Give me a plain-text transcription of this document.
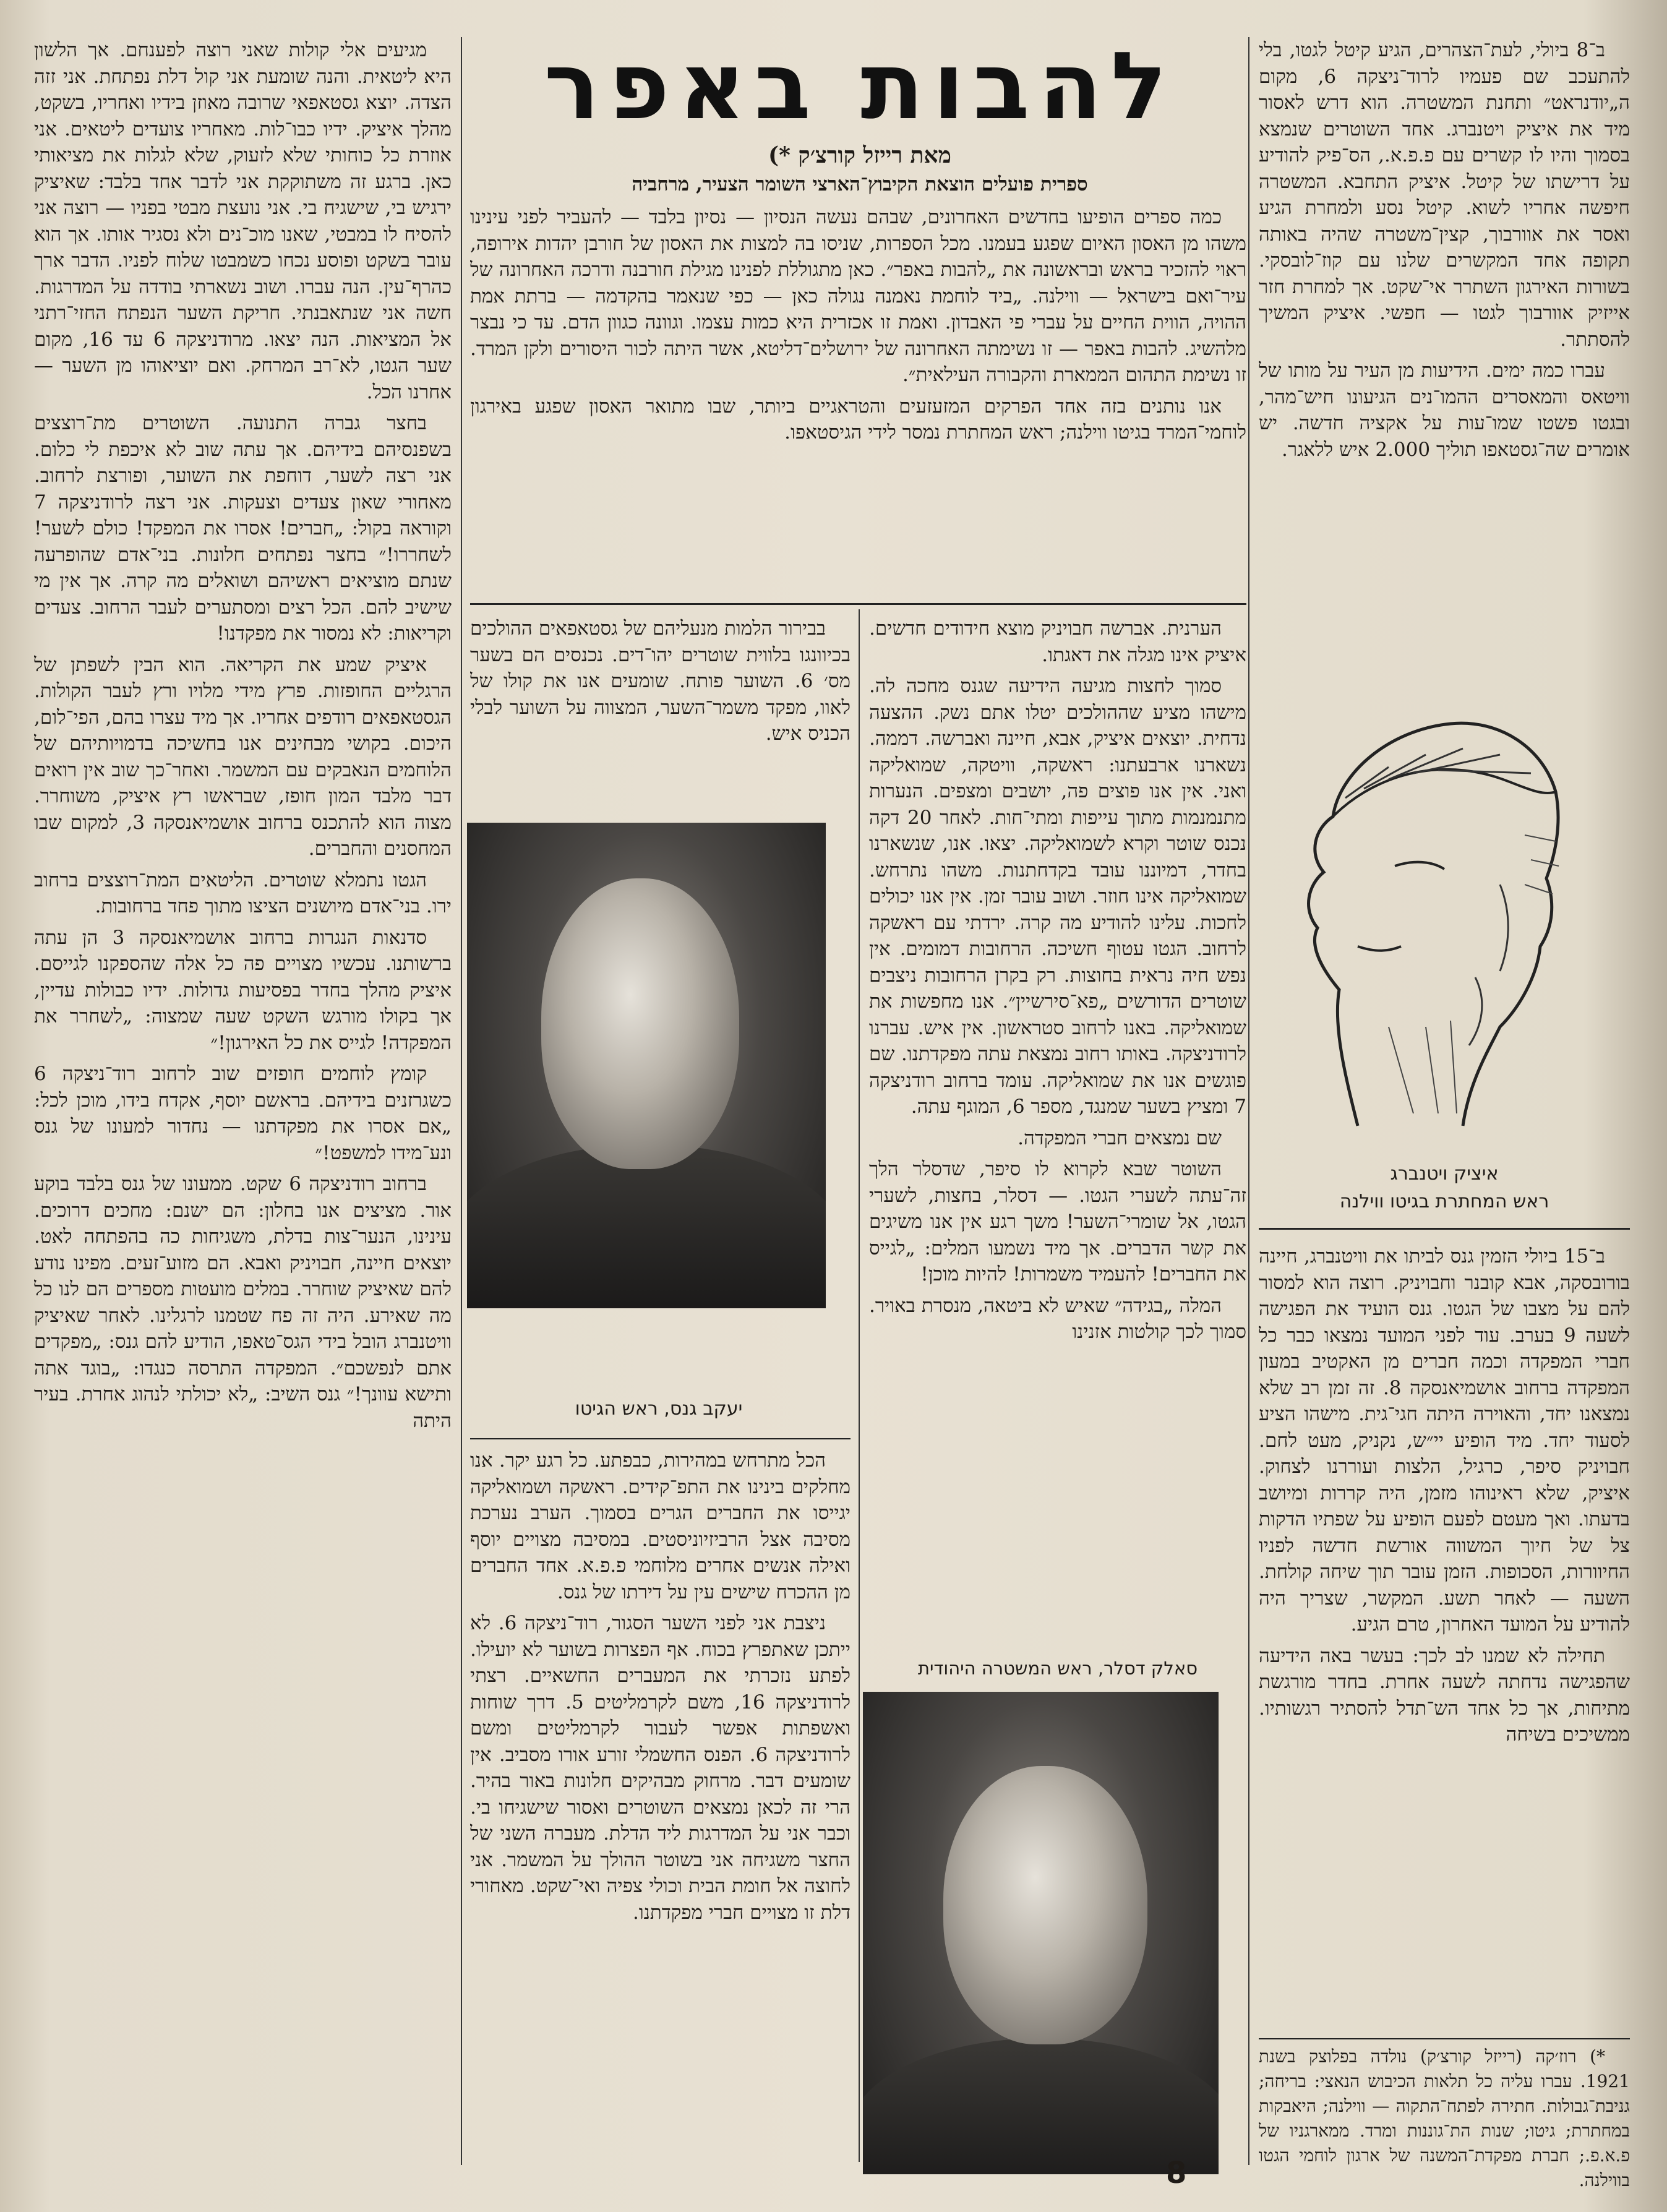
להבות באפר
מאת רייזל קורצ׳ק *)
ספרית פועלים הוצאת הקיבוץ־הארצי השומר הצעיר, מרחביה

כמה ספרים הופיעו בחדשים האחרונים, שבהם נעשה הנסיון — נסיון בלבד — להעביר לפני עינינו משהו מן האסון האיום שפגע בעמנו. מכל הספרות, שניסו בה למצות את האסון של חורבן יהדות אירופה, ראוי להזכיר בראש ובראשונה את „להבות באפר״. כאן מתגוללת לפנינו מגילת חורבנה ודרכה האחרונה של עיר־ואם בישראל — ווילנה. „ביד לוחמת נאמנה נגולה כאן — כפי שנאמר בהקדמה — ברתת אמת ההויה, הווית החיים על עברי פי האבדון. ואמת זו אכזרית היא כמות עצמו. וגוונה כגוון הדם. עד כי נבצר מלהשיג. להבות באפר — זו נשימתה האחרונה של ירושלים־דליטא, אשר היתה לכור היסורים ולקן המרד. זו נשימת התהום הממארת והקבורה העילאית״.

אנו נותנים בזה אחד הפרקים המזעזעים והטראגיים ביותר, שבו מתואר האסון שפגע באירגון לוחמי־המרד בגיטו ווילנה; ראש המחתרת נמסר לידי הגיסטאפו.

ב־8 ביולי, לעת־הצהרים, הגיע קיטל לגטו, בלי להתעכב שם פעמיו לרוד־ניצקה 6, מקום ה„יודנראט״ ותחנת המשטרה. הוא דרש לאסור מיד את איציק ויטנברג. אחד השוטרים שנמצא בסמוך והיו לו קשרים עם פ.פ.א., הס־פיק להודיע על דרישתו של קיטל. איציק התחבא. המשטרה חיפשה אחריו לשוא. קיטל נסע ולמחרת הגיע ואסר את אוורבוך, קצין־משטרה שהיה באותה תקופה אחד המקשרים שלנו עם קוז־לובסקי. בשורות האירגון השתרר אי־שקט. אך למחרת חזר אייזיק אוורבוך לגטו — חפשי. איציק המשיך להסתתר.

עברו כמה ימים. הידיעות מן העיר על מותו של וויטאס והמאסרים ההמו־נים הגיעונו חיש־מהר, ובגטו פשטו שמו־עות על אקציה חדשה. יש אומרים שה־גסטאפו תוליך 2.000 איש לל‏אגר.

איציק ויטנברג
ראש המחתרת בגיטו ווילנה

ב־15 ביולי הזמין גנס לביתו את וויטנברג, חיינה בורובסקה, אבא קובנר וחבויניק. רוצה הוא למסור להם על מצבו של הגטו. גנס הועיד את הפגישה לשעה 9 בערב. עוד לפני המועד נמצאו כבר כל חברי המפקדה וכמה חברים מן האקטיב במעון המפקדה ברחוב אושמיאנסקה 8. זה זמן רב שלא נמצאנו יחד, והאוירה היתה חגי־גית. מישהו הציע לסעוד יחד. מיד הופיע יי״ש, נקניק, מעט לחם. חבויניק סיפר, כרגיל, הלצות ועוררנו לצחוק. איציק, שלא ראינוהו מזמן, היה קררות ומיושב בדעתו. ואך מעטם לפעם הופיע על שפתיו הדקות צל של חיוך המשווה אורשת חדשה לפניו החיוורות, הסכופות. הזמן עובר תוך שיחה קולחת. השעה — לאחר תשע. המקשר, שצריך היה להודיע על המועד האחרון, טרם הגיע.

תחילה לא שמנו לב לכך: בעשר באה הידיעה שהפגישה נדחתה לשעה אחרת. בחדר מורגשת מתיחות, אך כל אחד הש־תדל להסתיר רגשותיו. ממשיכים בשיחה

*) רוז׳קה (רייזל קורצ׳ק) נולדה בפלוצק בשנת 1921. עברו עליה כל תלאות הכיבוש הנאצי: בריחה; גניבת־גבולות. חתירה לפתח־התקוה — ווילנה; היאבקות במחתרת; גיטו; שנות הת־גוננות ומרד. ממארגניו של פ.א.פ.; חברת מפקדת־המשנה של ארגון לוחמי הגטו בווילנה.

הערנית. אברשה חבויניק מוצא חידודים חדשים. איציק אינו מגלה את דאגתו.

סמוך לחצות מגיעה הידיעה שגנס מחכה לה. מישהו מציע שההולכים יטלו אתם נשק. ההצעה נדחית. יוצאים איציק, אבא, חיינה ואברשה. דממה. נשארנו ארבעתנו: ראשקה, וויטקה, שמואליקה ואני. אין אנו פוצים פה, יושבים ומצפים. הנערות מתנמנמות מתוך עייפות ומתי־חות. לאחר 20 דקה נכנס שוטר וקרא לשמואליקה. יצאו. אנו, שנשארנו בחדר, דמיוננו עובד בקדחתנות. משהו נתרחש. שמואליקה אינו חוזר. ושוב עובר זמן. אין אנו יכולים לחכות. עלינו להודיע מה קרה. ירדתי עם ראשקה לרחוב. הגטו עטוף חשיכה. הרחובות דמומים. אין נפש חיה נראית בחוצות. רק בקרן הרחובות ניצבים שוטרים הדורשים „פא־סירשיין״. אנו מחפשות את שמואליקה. באנו לרחוב סטראשון. אין איש. עברנו לרודניצקה. באותו רחוב נמצאת עתה מפקדתנו. שם פוגשים אנו את שמואליקה. עומד ברחוב רודניצקה 7 ומציץ בשער שמנגד, מספר 6, המוגף עתה.

שם נמצאים חברי המפקדה.

השוטר שבא לקרוא לו סיפר, שדסלר הלך זה־עתה לשערי הגטו. — דסלר, בחצות, לשערי הגטו, אל שומרי־השער! משך רגע אין אנו משיגים את קשר הדברים. אך מיד נשמעו המלים: „לגייס את החברים! להעמיד משמרות! להיות מוכן!

המלה „בגידה״ שאיש לא ביטאה, מנסרת באויר. סמוך לכך קולטות אזנינו

סאלק דסלר, ראש המשטרה היהודית

בבירור הלמות מנעליהם של גסטאפאים ההולכים בכיוונגו בלווית שוטרים יהו־דים. נכנסים הם בשער מס׳ 6. השוער פותח. שומעים אנו את קולו של לאוו, מפקד משמר־השער, המצווה על השוער לבלי הכניס איש.

יעקב גנס, ראש הגיטו

הכל מתרחש במהירות, כבפתע. כל רגע יקר. אנו מחלקים בינינו את התפ־קידים. ראשקה ושמואליקה יגייסו את החברים הגרים בסמוך. הערב נערכת מסיבה אצל הרביזיוניסטים. במסיבה מצויים יוסף ואילה אנשים אחרים מלוחמי פ.פ.א. אחד החברים מן ההכרח שישים עין על דירתו של גנס.

ניצבת אני לפני השער הסגור, רוד־ניצקה 6. לא ייתכן שאתפרץ בכוח. אף הפצרות בשוער לא יועילו. לפתע נזכרתי את המעברים החשאיים. רצתי לרודניצקה 16, משם לקרמליטים 5. דרך שוחות ואשפתות אפשר לעבור לקרמליטים ומשם לרודניצקה 6. הפנס החשמלי זורע אורו מסביב. אין שומעים דבר. מרחוק מבהיקים חלונות באור בהיר. הרי זה לכאן נמצאים השוטרים ואסור שישגיחו בי. וכבר אני על המדרגות ליד הדלת. מעברה השני של החצר משגיחה אני בשוטר ההולך על המשמר. אני לחוצה אל חומת הבית וכולי צפיה ואי־שקט. מאחורי דלת זו מצויים חברי מפקדתנו.

מגיעים אלי קולות שאני רוצה לפענחם. אך הלשון היא ליטאית. והנה שומעת אני קול דלת נפתחת. אני זזה הצדה. יוצא גסטאפאי שרובה מאוזן בידיו ואחריו, בשקט, מהלך איציק. ידיו כבו־לות. מאחריו צועדים ליטאים. אני אוזרת כל כוחותי שלא לזעוק, שלא לגלות את מציאותי כאן. ברגע זה משתוקקת אני לדבר אחד בלבד: שאיציק ירגיש בי, שישגיח בי. אני נועצת מבטי בפניו — רוצה אני להסיח לו במבטי, שאנו מוכ־נים ולא נסגיר אותו. אך הוא עובר בשקט ופוסע נכחו כשמבטו שלוח לפניו. הדבר ארך כהרף־עין. הנה עברו. ושוב נשארתי בודדה על המדרגות. חשה אני שנתאבנתי. חריקת השער הנפתח החזי־רתני אל המציאות. הנה יצאו. מרודניצקה 6 עד 16, מקום שער הגטו, לא־רב המרחק. ואם יוציאוהו מן השער — אחרנו הכל.

בחצר גברה התנועה. השוטרים מת־רוצצים בשפנסיהם בידיהם. אך עתה שוב לא איכפת לי כלום. אני רצה לשער, דוחפת את השוער, ופורצת לרחוב. מאחורי שאון צעדים וצעקות. אני רצה לרודניצקה 7 וקוראה בקול: „חברים! אסרו את המפקד! כולם לשער! לשחררו!״ בחצר נפתחים חלונות. בני־אדם שהופרעה שנתם מוציאים ראשיהם ושואלים מה קרה. אך אין מי שישיב להם. הכל רצים ומסתערים לעבר הרחוב. צעדים וקריאות: לא נמסור את מפקדנו!

איציק שמע את הקריאה. הוא הבין לשפתן של הרגליים החופזות. פרץ מידי מלויו ורץ לעבר הקולות. הגסטאפאים רודפים אחריו. אך מיד עצרו בהם, הפי־לום, היכום. בקושי מבחינים אנו בחשיכה בדמויותיהם של הלוחמים הנאבקים עם המשמר. ואחר־כך שוב אין רואים דבר מלבד המון חופז, שבראשו רץ איציק, משוחרר. מצוה הוא להתכנס ברחוב אושמיאנסקה 3, למקום שבו המחסנים והחברים.

הגטו נתמלא שוטרים. הליטאים המת־רוצצים ברחוב ירו. בני־אדם מיושנים הציצו מתוך פחד ברחובות.

סדנאות הנגרות ברחוב אושמיאנסקה 3 הן עתה ברשותנו. עכשיו מצויים פה כל אלה שהספקנו לגייסם. איציק מהלך בחדר בפסיעות גדולות. ידיו כבולות עדיין, אך בקולו מורגש השקט שעה שמצוה: „לשחרר את המפקדה! לגייס את כל האירגון!״

קומץ לוחמים חופזים שוב לרחוב רוד־ניצקה 6 כשגרזנים בידיהם. בראשם יוסף, אקדח בידו, מוכן לכל: „אם אסרו את מפקדתנו — נחדור למעונו של גנס ונע־מידו למשפט!״

ברחוב רודניצקה 6 שקט. ממעונו של גנס בלבד בוקע אור. מציצים אנו בחלון: הם ישנם: מחכים דרוכים. עינינו, הנער־צות בדלת, משגיחות כה בהפתחה לאט. יוצאים חיינה, חבויניק ואבא. הם מזוע־זעים. מפינו נודע להם שאיציק שוחרר. במלים מועטות מספרים הם לנו כל מה שאירע. היה זה פח שטמנו לרגלינו. לאחר שאיציק וויטנברג הובל בידי הגס־טאפו, הודיע להם גנס: „מפקדים אתם לנפשכם״. המפקדה התרסה כנגדו: „בוגד אתה ותישא עוונך!״ גנס השיב: „לא יכולתי לנהוג אחרת. בעיר היתה

8
